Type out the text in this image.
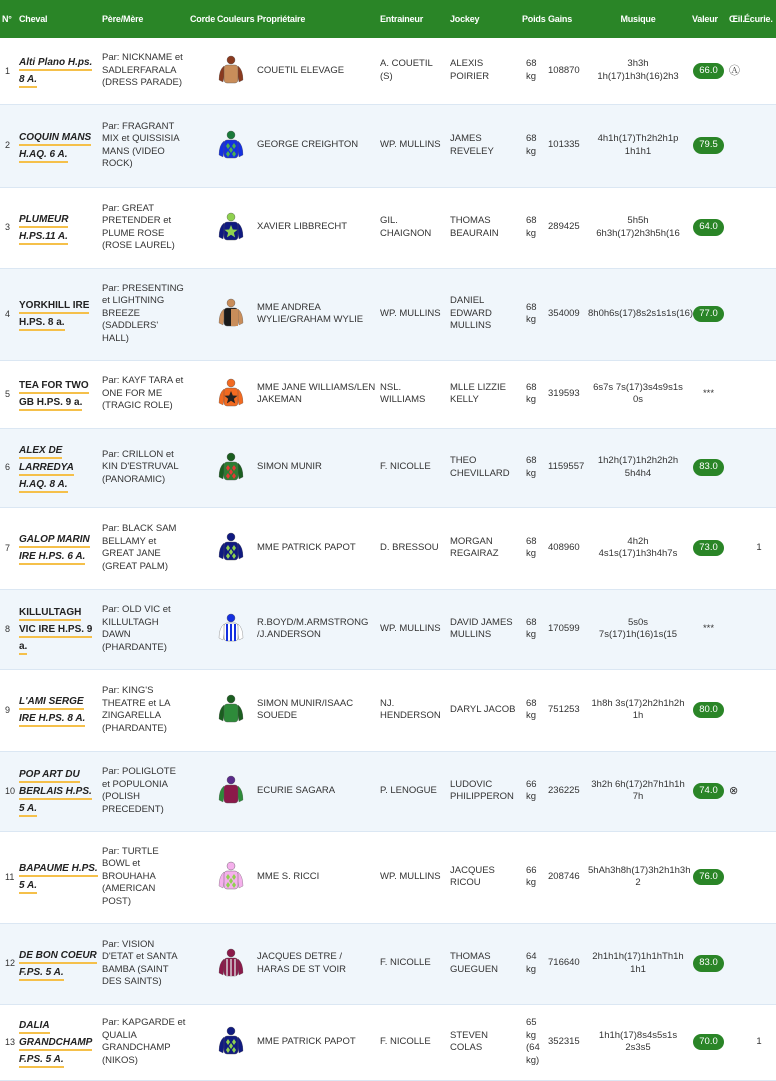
N°	Cheval	Père/Mère	Corde	Couleurs	Propriétaire	Entraineur	Jockey	Poids	Gains	Musique	Valeur	Œil.	Écurie.
1	Alti Plano H.ps. 8 A.	Par: NICKNAME et SADLERFARALA (DRESS PARADE)			COUETIL ELEVAGE	A. COUETIL (S)	ALEXIS POIRIER	68 kg	108870	3h3h 1h(17)1h3h(16)2h3	66.0	Ⓐ	
2	COQUIN MANS H.AQ. 6 A.	Par: FRAGRANT MIX et QUISSISIA MANS (VIDEO ROCK)			GEORGE CREIGHTON	WP. MULLINS	JAMES REVELEY	68 kg	101335	4h1h(17)Th2h2h1p 1h1h1	79.5		
3	PLUMEUR H.PS.11 A.	Par: GREAT PRETENDER et PLUME ROSE (ROSE LAUREL)			XAVIER LIBBRECHT	GIL. CHAIGNON	THOMAS BEAURAIN	68 kg	289425	5h5h 6h3h(17)2h3h5h(16	64.0		
4	YORKHILL IRE H.PS. 8 a.	Par: PRESENTING et LIGHTNING BREEZE (SADDLERS' HALL)			MME ANDREA WYLIE/GRAHAM WYLIE	WP. MULLINS	DANIEL EDWARD MULLINS	68 kg	354009	8h0h6s(17)8s2s1s1s(16)	77.0		
5	TEA FOR TWO GB H.PS. 9 a.	Par: KAYF TARA et ONE FOR ME (TRAGIC ROLE)			MME JANE WILLIAMS/LEN JAKEMAN	NSL. WILLIAMS	MLLE LIZZIE KELLY	68 kg	319593	6s7s 7s(17)3s4s9s1s 0s	***		
6	ALEX DE LARREDYA H.AQ. 8 A.	Par: CRILLON et KIN D'ESTRUVAL (PANORAMIC)			SIMON MUNIR	F. NICOLLE	THEO CHEVILLARD	68 kg	1159557	1h2h(17)1h2h2h2h 5h4h4	83.0		
7	GALOP MARIN IRE H.PS. 6 A.	Par: BLACK SAM BELLAMY et GREAT JANE (GREAT PALM)			MME PATRICK PAPOT	D. BRESSOU	MORGAN REGAIRAZ	68 kg	408960	4h2h 4s1s(17)1h3h4h7s	73.0		1
8	KILLULTAGH VIC IRE H.PS. 9 a.	Par: OLD VIC et KILLULTAGH DAWN (PHARDANTE)			R.BOYD/M.ARMSTRONG /J.ANDERSON	WP. MULLINS	DAVID JAMES MULLINS	68 kg	170599	5s0s 7s(17)1h(16)1s(15	***		
9	L'AMI SERGE IRE H.PS. 8 A.	Par: KING'S THEATRE et LA ZINGARELLA (PHARDANTE)			SIMON MUNIR/ISAAC SOUEDE	NJ. HENDERSON	DARYL JACOB	68 kg	751253	1h8h 3s(17)2h2h1h2h 1h	80.0		
10	POP ART DU BERLAIS H.PS. 5 A.	Par: POLIGLOTE et POPULONIA (POLISH PRECEDENT)			ECURIE SAGARA	P. LENOGUE	LUDOVIC PHILIPPERON	66 kg	236225	3h2h 6h(17)2h7h1h1h 7h	74.0	⊗	
11	BAPAUME H.PS. 5 A.	Par: TURTLE BOWL et BROUHAHA (AMERICAN POST)			MME S. RICCI	WP. MULLINS	JACQUES RICOU	66 kg	208746	5hAh3h8h(17)3h2h1h3h 2	76.0		
12	DE BON COEUR F.PS. 5 A.	Par: VISION D'ETAT et SANTA BAMBA (SAINT DES SAINTS)			JACQUES DETRE / HARAS DE ST VOIR	F. NICOLLE	THOMAS GUEGUEN	64 kg	716640	2h1h1h(17)1h1hTh1h 1h1	83.0		
13	DALIA GRANDCHAMP F.PS. 5 A.	Par: KAPGARDE et QUALIA GRANDCHAMP (NIKOS)			MME PATRICK PAPOT	F. NICOLLE	STEVEN COLAS	65 kg (64 kg)	352315	1h1h(17)8s4s5s1s 2s3s5	70.0		1
